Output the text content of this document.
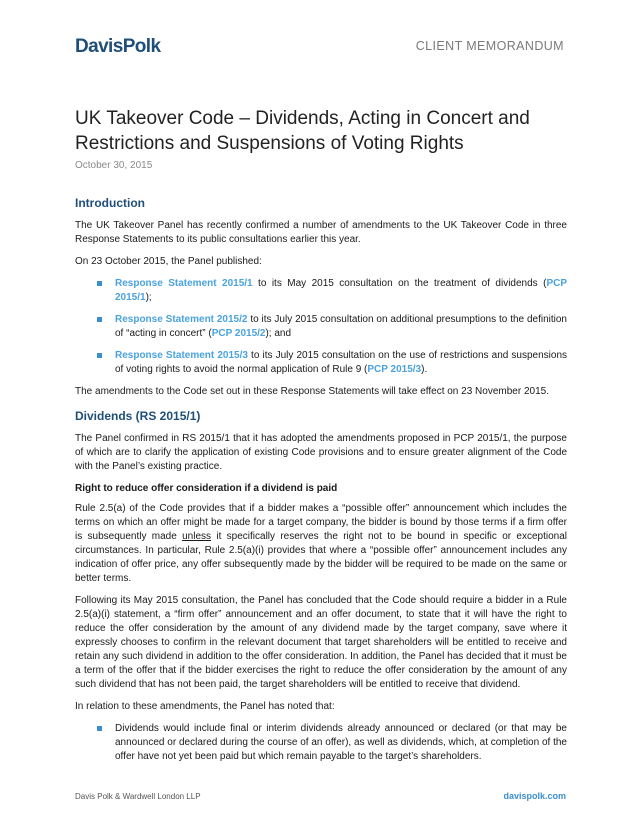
DavisPolk	CLIENT MEMORANDUM
UK Takeover Code – Dividends, Acting in Concert and Restrictions and Suspensions of Voting Rights
October 30, 2015
Introduction

The UK Takeover Panel has recently confirmed a number of amendments to the UK Takeover Code in three Response Statements to its public consultations earlier this year.

On 23 October 2015, the Panel published:

Response Statement 2015/1 to its May 2015 consultation on the treatment of dividends (PCP 2015/1);
Response Statement 2015/2 to its July 2015 consultation on additional presumptions to the definition of “acting in concert” (PCP 2015/2); and
Response Statement 2015/3 to its July 2015 consultation on the use of restrictions and suspensions of voting rights to avoid the normal application of Rule 9 (PCP 2015/3).

The amendments to the Code set out in these Response Statements will take effect on 23 November 2015.

Dividends (RS 2015/1)

The Panel confirmed in RS 2015/1 that it has adopted the amendments proposed in PCP 2015/1, the purpose of which are to clarify the application of existing Code provisions and to ensure greater alignment of the Code with the Panel’s existing practice.

Right to reduce offer consideration if a dividend is paid

Rule 2.5(a) of the Code provides that if a bidder makes a “possible offer” announcement which includes the terms on which an offer might be made for a target company, the bidder is bound by those terms if a firm offer is subsequently made unless it specifically reserves the right not to be bound in specific or exceptional circumstances. In particular, Rule 2.5(a)(i) provides that where a “possible offer” announcement includes any indication of offer price, any offer subsequently made by the bidder will be required to be made on the same or better terms.

Following its May 2015 consultation, the Panel has concluded that the Code should require a bidder in a Rule 2.5(a)(i) statement, a “firm offer” announcement and an offer document, to state that it will have the right to reduce the offer consideration by the amount of any dividend made by the target company, save where it expressly chooses to confirm in the relevant document that target shareholders will be entitled to receive and retain any such dividend in addition to the offer consideration. In addition, the Panel has decided that it must be a term of the offer that if the bidder exercises the right to reduce the offer consideration by the amount of any such dividend that has not been paid, the target shareholders will be entitled to receive that dividend.

In relation to these amendments, the Panel has noted that:

Dividends would include final or interim dividends already announced or declared (or that may be announced or declared during the course of an offer), as well as dividends, which, at completion of the offer have not yet been paid but which remain payable to the target’s shareholders.
Davis Polk & Wardwell London LLP	davispolk.com
